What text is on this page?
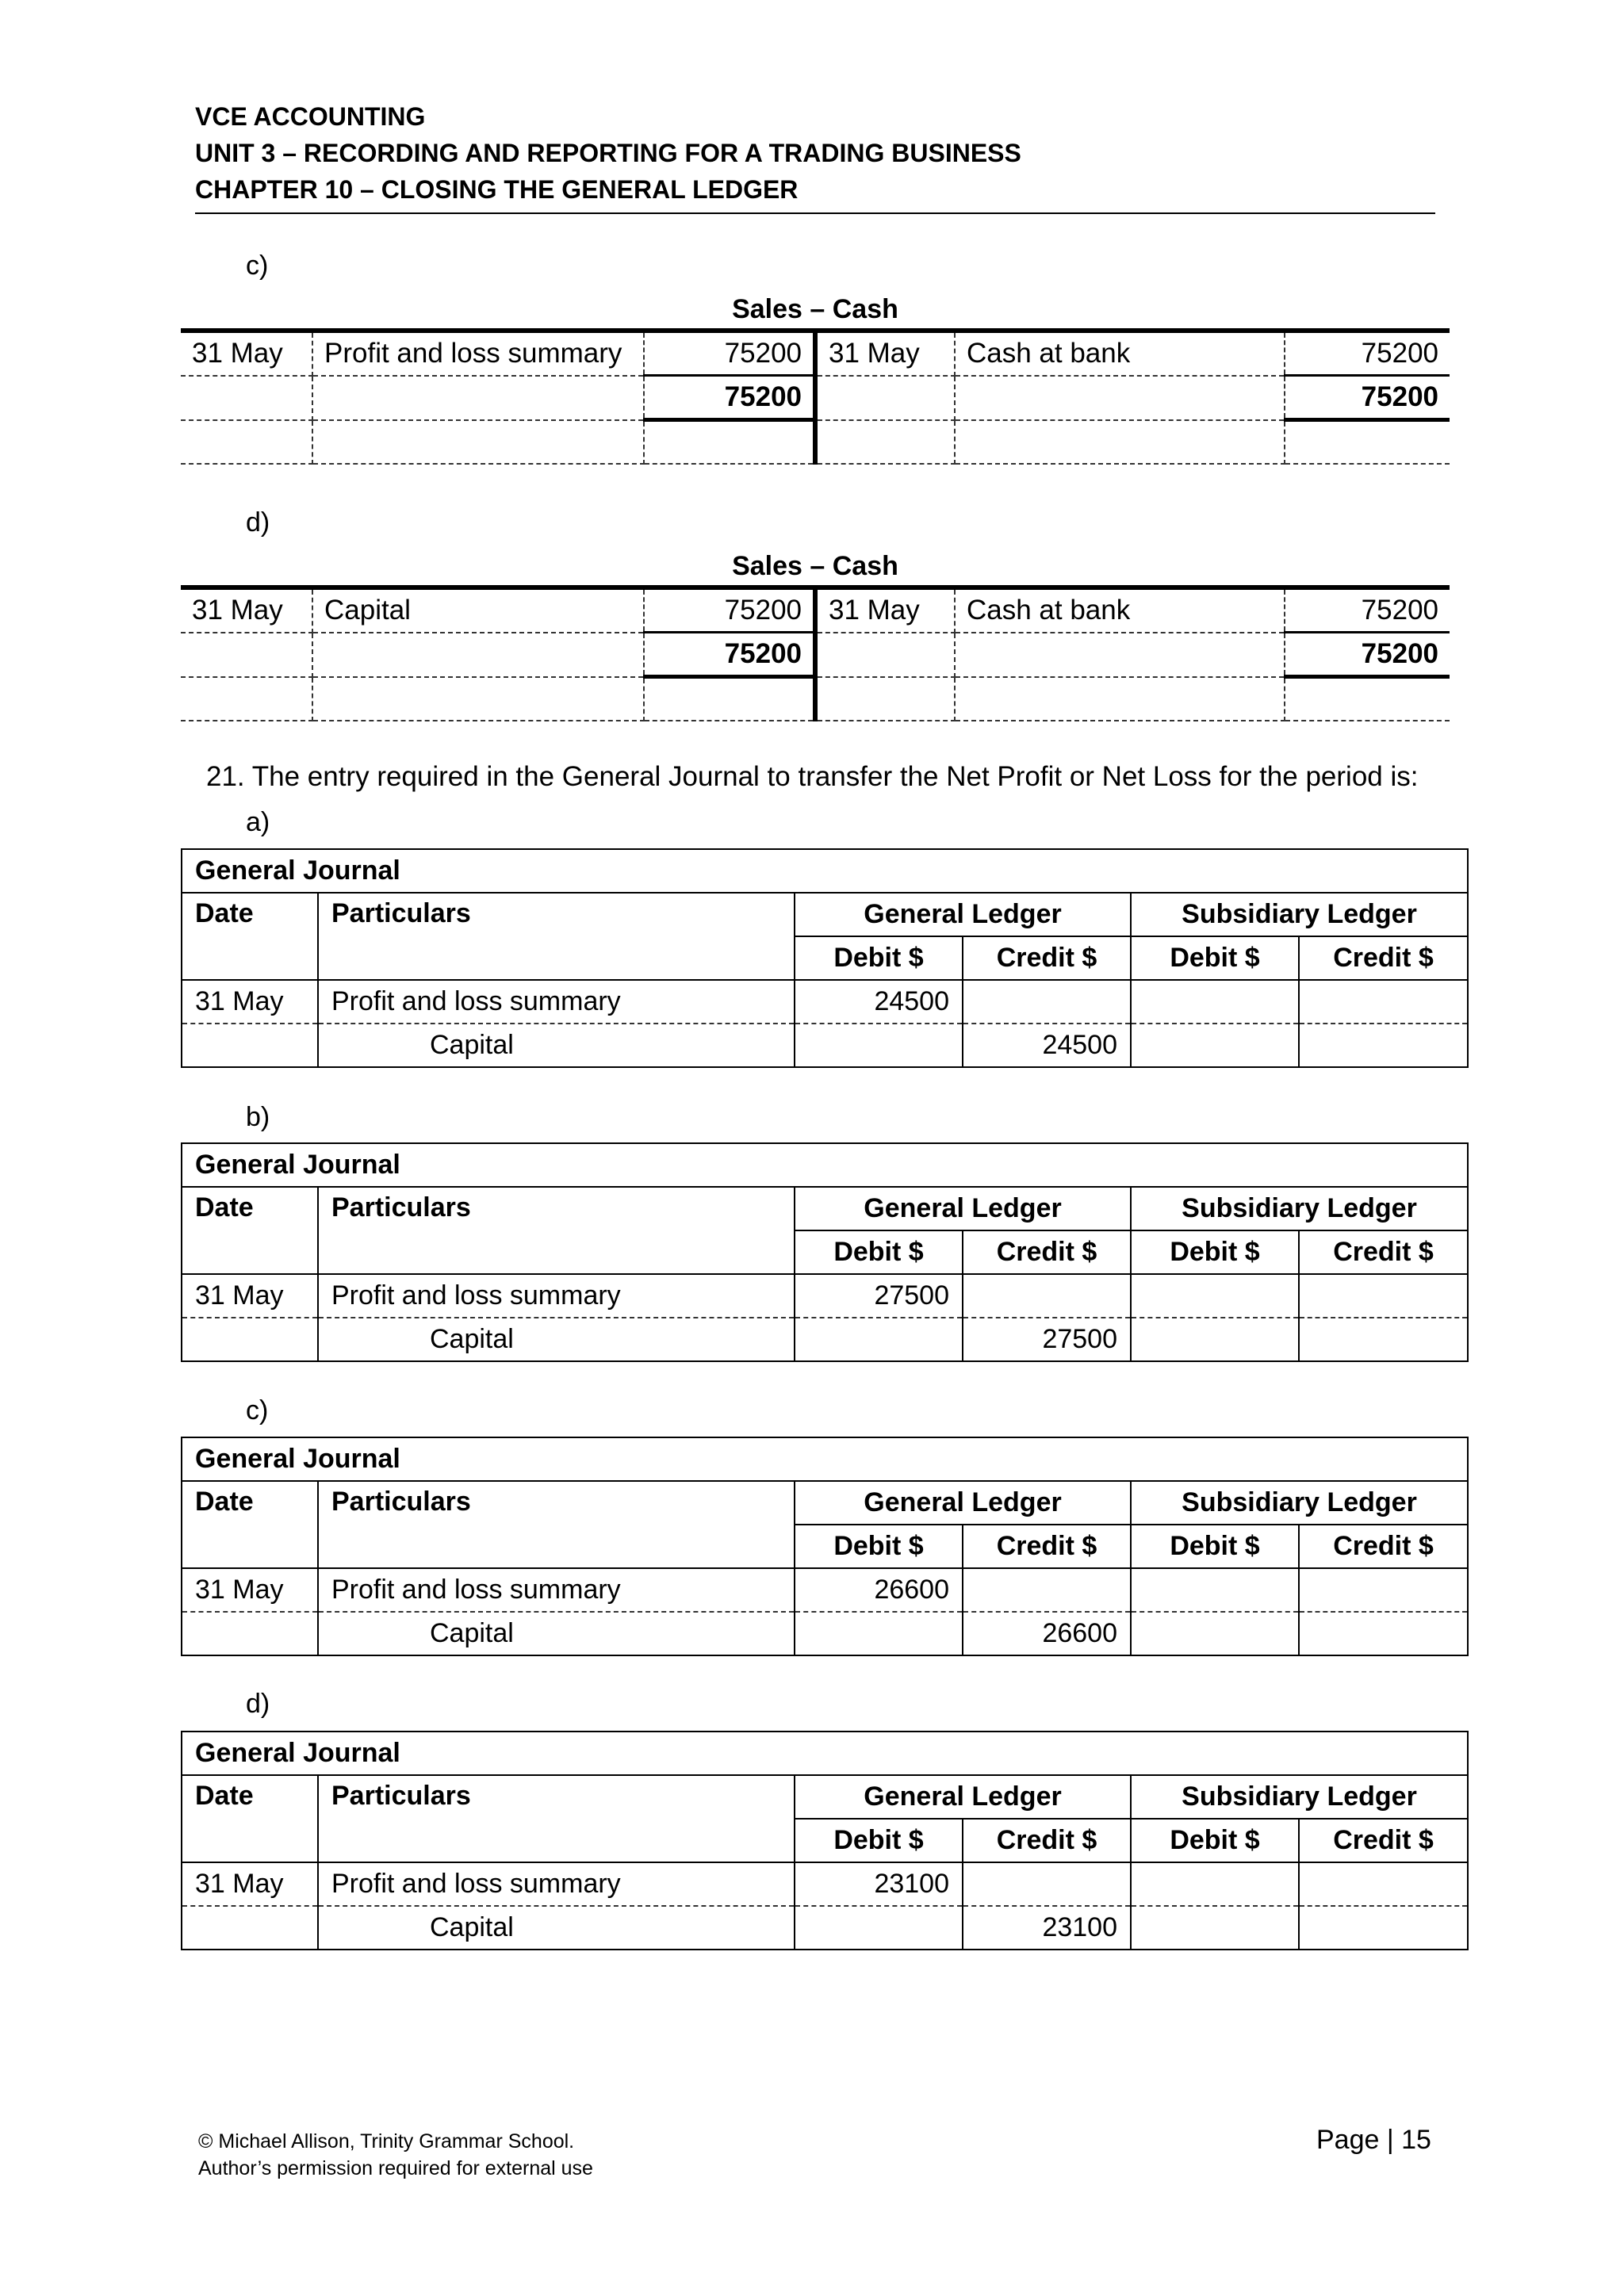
VCE ACCOUNTING
UNIT 3 – RECORDING AND REPORTING FOR A TRADING BUSINESS
CHAPTER 10 – CLOSING THE GENERAL LEDGER
c)
Sales – Cash
31 May	Profit and loss summary	75200	31 May	Cash at bank	75200
		75200			75200

d)
Sales – Cash
31 May	Capital	75200	31 May	Cash at bank	75200
		75200			75200

21. The entry required in the General Journal to transfer the Net Profit or Net Loss for the period is:
a)
General Journal					
Date	Particulars	General Ledger		Subsidiary Ledger	
		Debit $	Credit $	Debit $	Credit $
31 May	Profit and loss summary	24500			
	Capital		24500		
b)
General Journal					
Date	Particulars	General Ledger		Subsidiary Ledger	
		Debit $	Credit $	Debit $	Credit $
31 May	Profit and loss summary	27500			
	Capital		27500		
c)
General Journal					
Date	Particulars	General Ledger		Subsidiary Ledger	
		Debit $	Credit $	Debit $	Credit $
31 May	Profit and loss summary	26600			
	Capital		26600		
d)
General Journal					
Date	Particulars	General Ledger		Subsidiary Ledger	
		Debit $	Credit $	Debit $	Credit $
31 May	Profit and loss summary	23100			
	Capital		23100		
© Michael Allison, Trinity Grammar School.
Author’s permission required for external use
Page | 15
